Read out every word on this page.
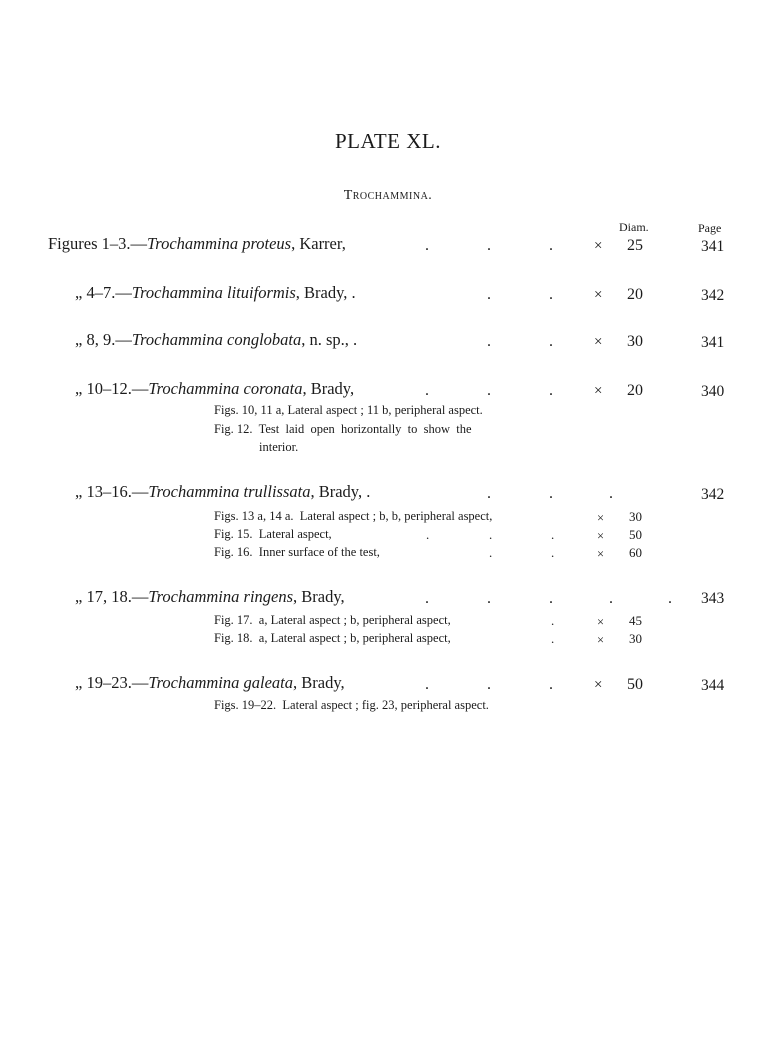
PLATE XL.
Trochammina.
Diam.	Page
Figures 1–3.—Trochammina proteus, Karrer,	.	.	.	× 25	341
„ 4–7.—Trochammina lituiformis, Brady, .	.	.	× 20	342
„ 8, 9.—Trochammina conglobata, n. sp., .	.	.	× 30	341
„ 10–12.—Trochammina coronata, Brady,	.	.	.	× 20	340
Figs. 10, 11 a, Lateral aspect ; 11 b, peripheral aspect.
Fig. 12.  Test  laid  open  horizontally  to  show  the
interior.
„ 13–16.—Trochammina trullissata, Brady, .	.	.	.	342
Figs. 13 a, 14 a.  Lateral aspect ; b, b, peripheral aspect,	× 30
Fig. 15.  Lateral aspect,	.	.	.	× 50
Fig. 16.  Inner surface of the test,	.	.	× 60
„ 17, 18.—Trochammina ringens, Brady,	.	.	.	.	. 343
Fig. 17.  a, Lateral aspect ; b, peripheral aspect,	.	× 45
Fig. 18.  a, Lateral aspect ; b, peripheral aspect,	.	× 30
„ 19–23.—Trochammina galeata, Brady,	.	.	.	× 50	344
Figs. 19–22.  Lateral aspect ; fig. 23, peripheral aspect.
